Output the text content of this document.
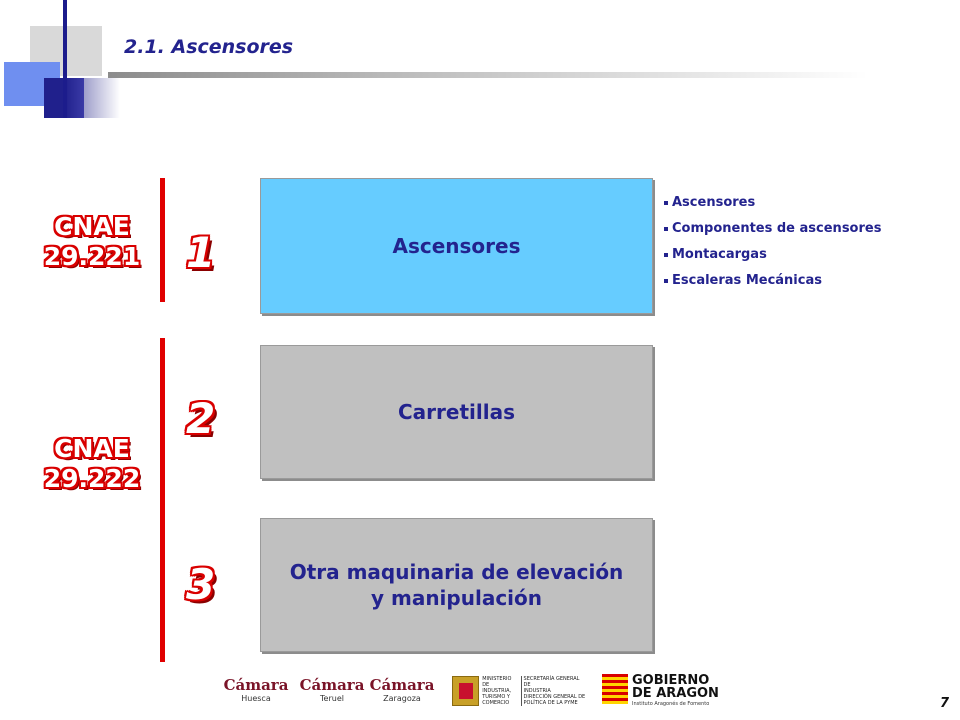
2.1. Ascensores
CNAE
29.221
CNAE
29.222
1
2
3
Ascensores
Carretillas
Otra maquinaria de elevación y manipulación
Ascensores
Componentes de ascensores
Montacargas
Escaleras Mecánicas
Cámara
Huesca
Cámara
Teruel
Cámara
Zaragoza
MINISTERIO
DE INDUSTRIA,
TURISMO Y
COMERCIO
SECRETARÍA GENERAL DE
INDUSTRIA
DIRECCIÓN GENERAL DE
POLÍTICA DE LA PYME
GOBIERNO
DE ARAGON
Instituto Aragonés de Fomento	7
